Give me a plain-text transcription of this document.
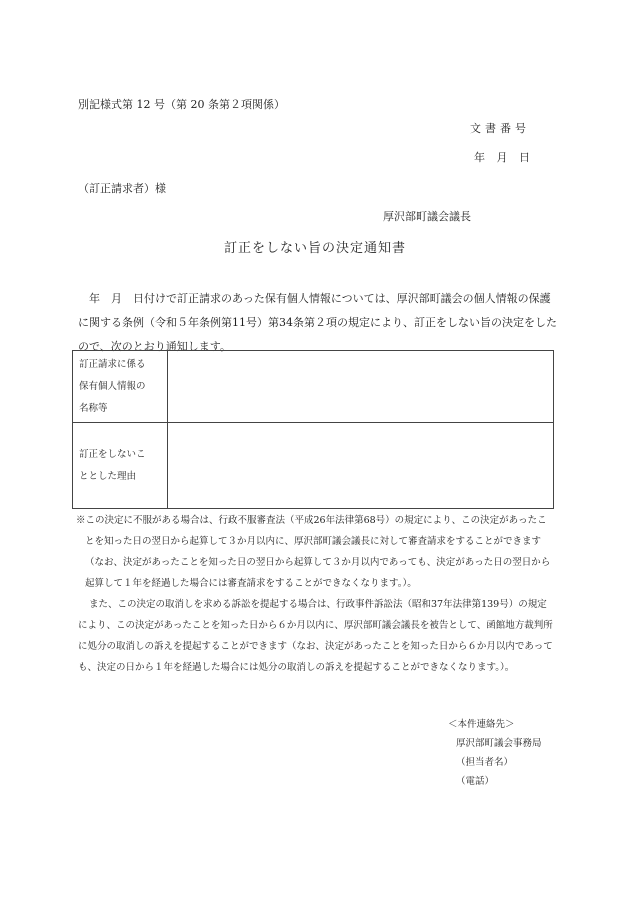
別記様式第 12 号（第 20 条第２項関係）
文書番号
年 月 日
（訂正請求者）様
厚沢部町議会議長
訂正をしない旨の決定通知書
年　月　日付けで訂正請求のあった保有個人情報については、厚沢部町議会の個人情報の保護に関する条例（令和５年条例第11号）第34条第２項の規定により、訂正をしない旨の決定をしたので、次のとおり通知します。
訂正請求に係る
保有個人情報の
名称等	

訂正をしないこ
ととした理由	

※この決定に不服がある場合は、行政不服審査法（平成26年法律第68号）の規定により、この決定があったことを知った日の翌日から起算して３か月以内に、厚沢部町議会議長に対して審査請求をすることができます（なお、決定があったことを知った日の翌日から起算して３か月以内であっても、決定があった日の翌日から起算して１年を経過した場合には審査請求をすることができなくなります。）。

また、この決定の取消しを求める訴訟を提起する場合は、行政事件訴訟法（昭和37年法律第139号）の規定により、この決定があったことを知った日から６か月以内に、厚沢部町議会議長を被告として、函館地方裁判所に処分の取消しの訴えを提起することができます（なお、決定があったことを知った日から６か月以内であっても、決定の日から１年を経過した場合には処分の取消しの訴えを提起することができなくなります。）。

＜本件連絡先＞
厚沢部町議会事務局
（担当者名）
（電話）
